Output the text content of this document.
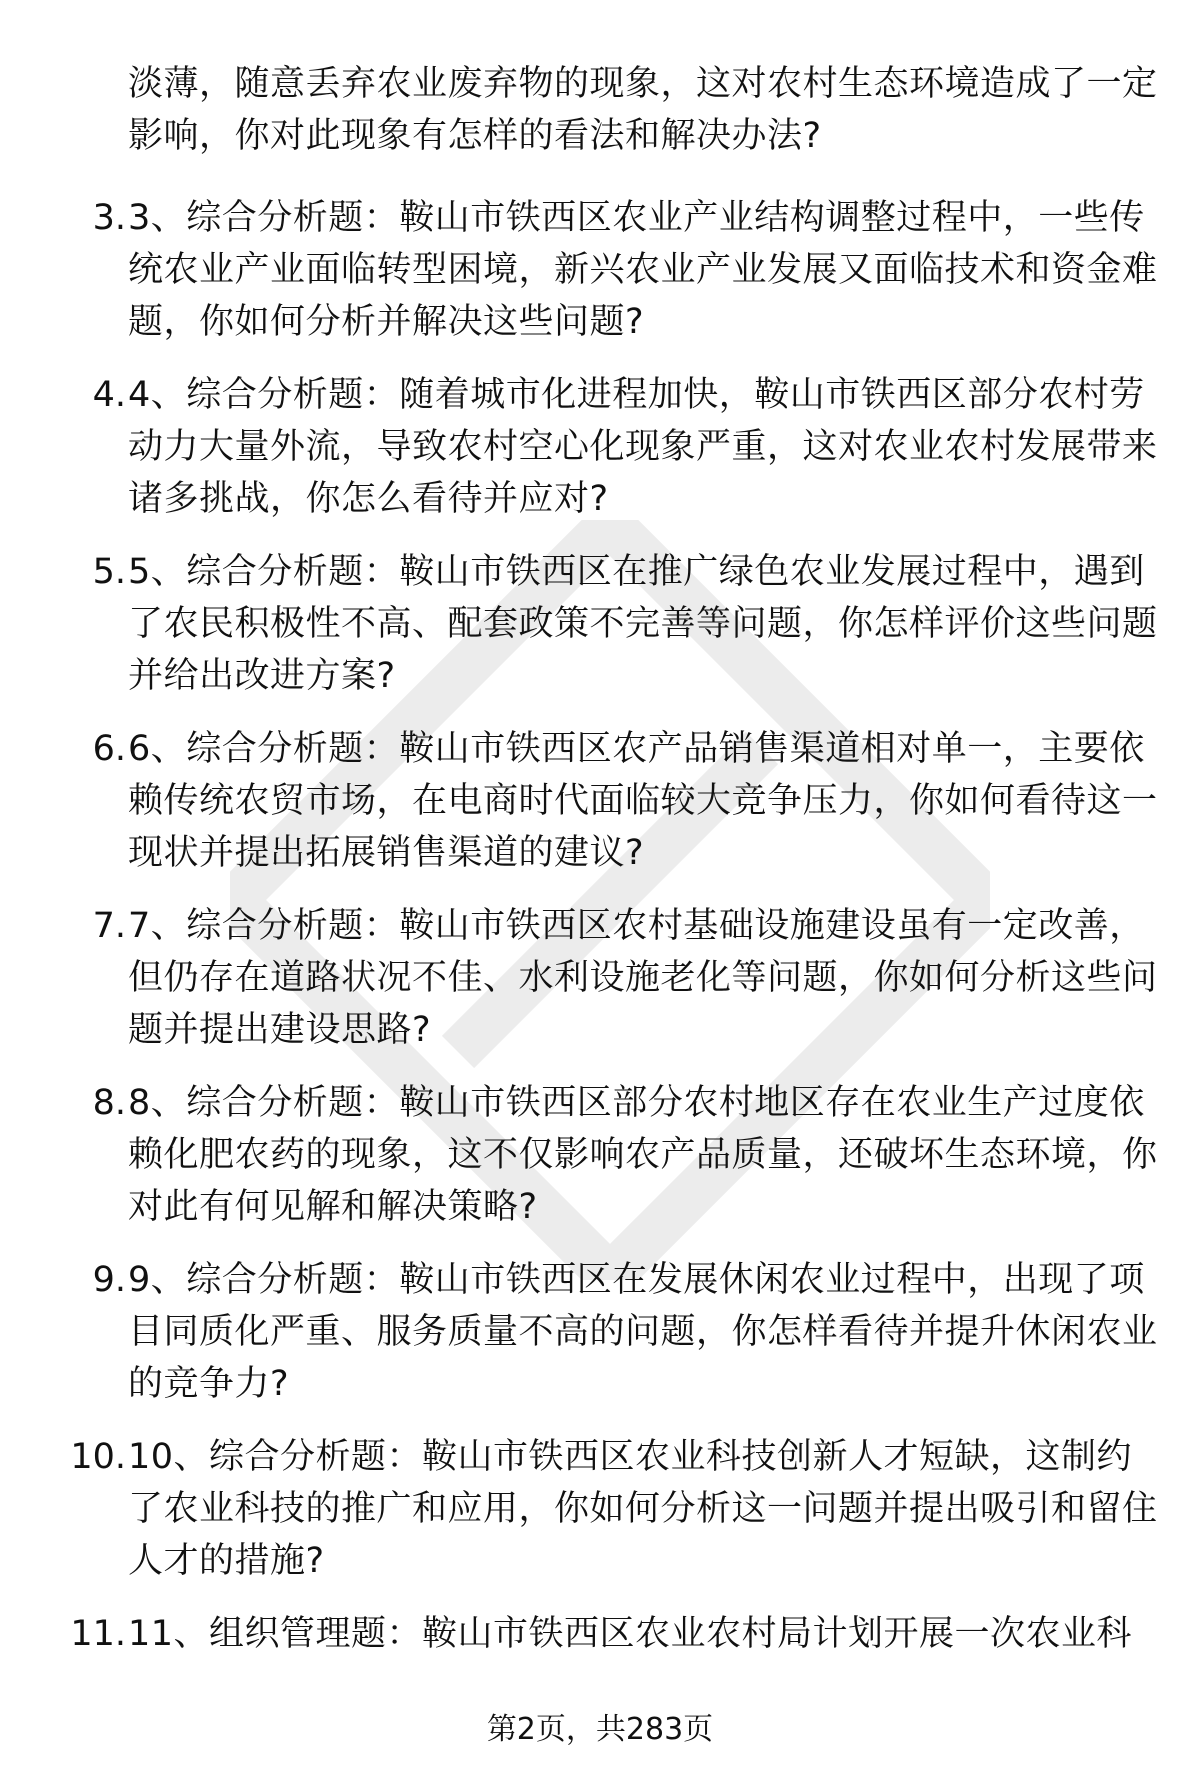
淡薄，随意丢弃农业废弃物的现象，这对农村生态环境造成了一定影响，你对此现象有怎样的看法和解决办法?
3. 3、综合分析题：鞍山市铁西区农业产业结构调整过程中，一些传统农业产业面临转型困境，新兴农业产业发展又面临技术和资金难题，你如何分析并解决这些问题?
4. 4、综合分析题：随着城市化进程加快，鞍山市铁西区部分农村劳动力大量外流，导致农村空心化现象严重，这对农业农村发展带来诸多挑战，你怎么看待并应对?
5. 5、综合分析题：鞍山市铁西区在推广绿色农业发展过程中，遇到了农民积极性不高、配套政策不完善等问题，你怎样评价这些问题并给出改进方案?
6. 6、综合分析题：鞍山市铁西区农产品销售渠道相对单一，主要依赖传统农贸市场，在电商时代面临较大竞争压力，你如何看待这一现状并提出拓展销售渠道的建议?
7. 7、综合分析题：鞍山市铁西区农村基础设施建设虽有一定改善，但仍存在道路状况不佳、水利设施老化等问题，你如何分析这些问题并提出建设思路?
8. 8、综合分析题：鞍山市铁西区部分农村地区存在农业生产过度依赖化肥农药的现象，这不仅影响农产品质量，还破坏生态环境，你对此有何见解和解决策略?
9. 9、综合分析题：鞍山市铁西区在发展休闲农业过程中，出现了项目同质化严重、服务质量不高的问题，你怎样看待并提升休闲农业的竞争力?
10. 10、综合分析题：鞍山市铁西区农业科技创新人才短缺，这制约了农业科技的推广和应用，你如何分析这一问题并提出吸引和留住人才的措施?
11. 11、组织管理题：鞍山市铁西区农业农村局计划开展一次农业科
第2页，共283页
